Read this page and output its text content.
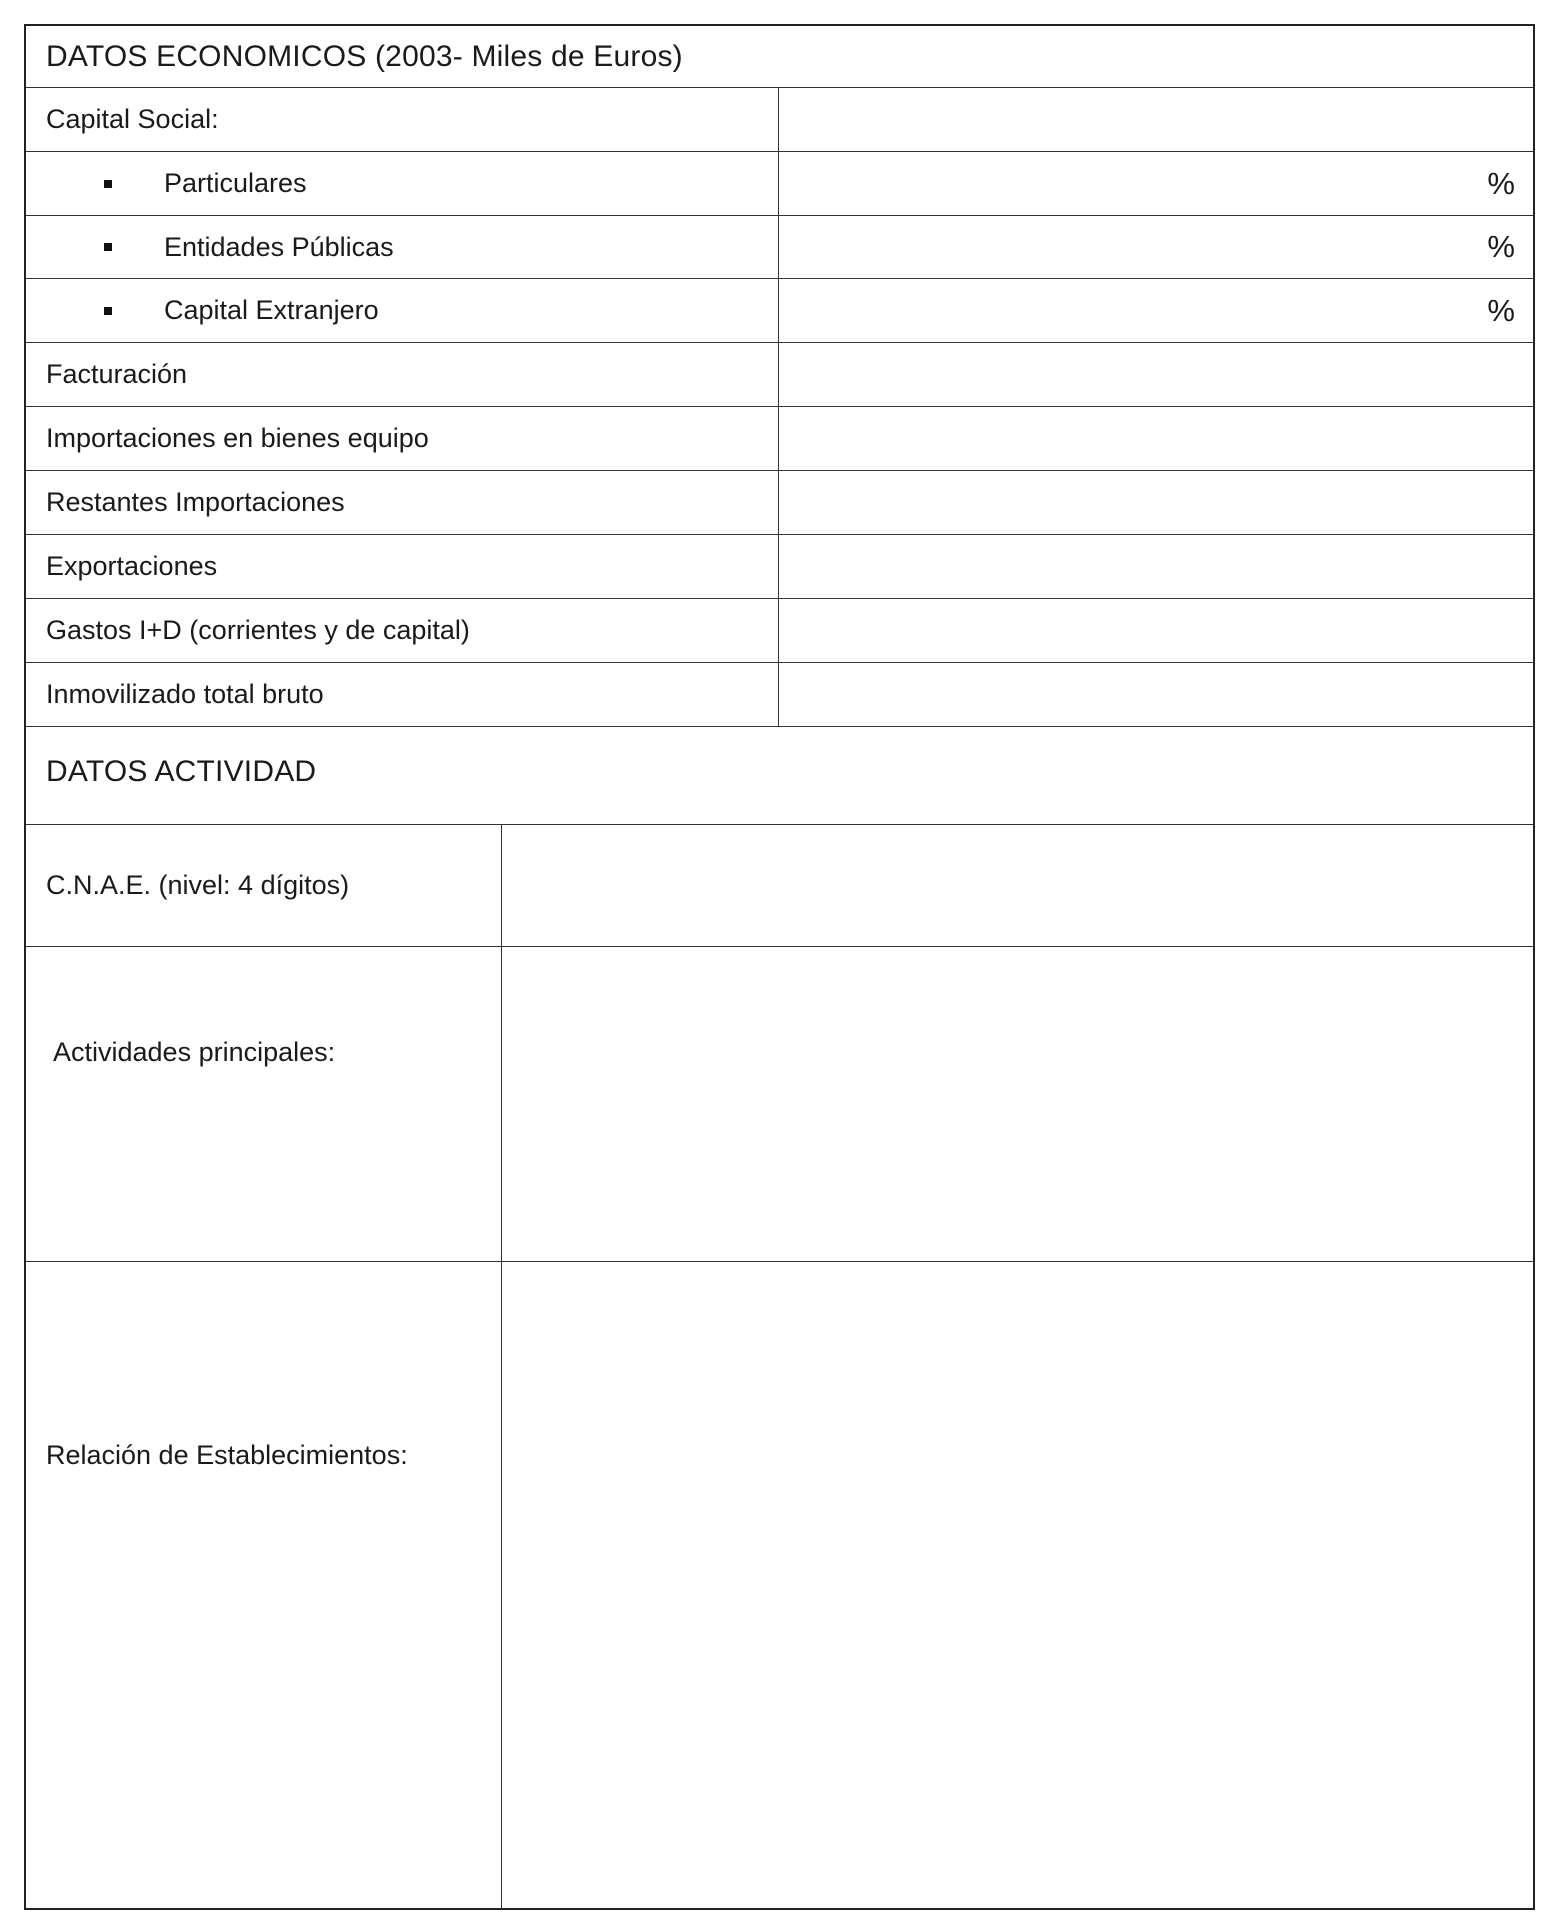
DATOS ECONOMICOS (2003- Miles de Euros)
Capital Social:
Particulares	%
Entidades Públicas	%
Capital Extranjero	%
Facturación
Importaciones en bienes equipo
Restantes Importaciones
Exportaciones
Gastos I+D (corrientes y de capital)
Inmovilizado total bruto
DATOS ACTIVIDAD
C.N.A.E. (nivel: 4 dígitos)
Actividades principales:
Relación de Establecimientos:
